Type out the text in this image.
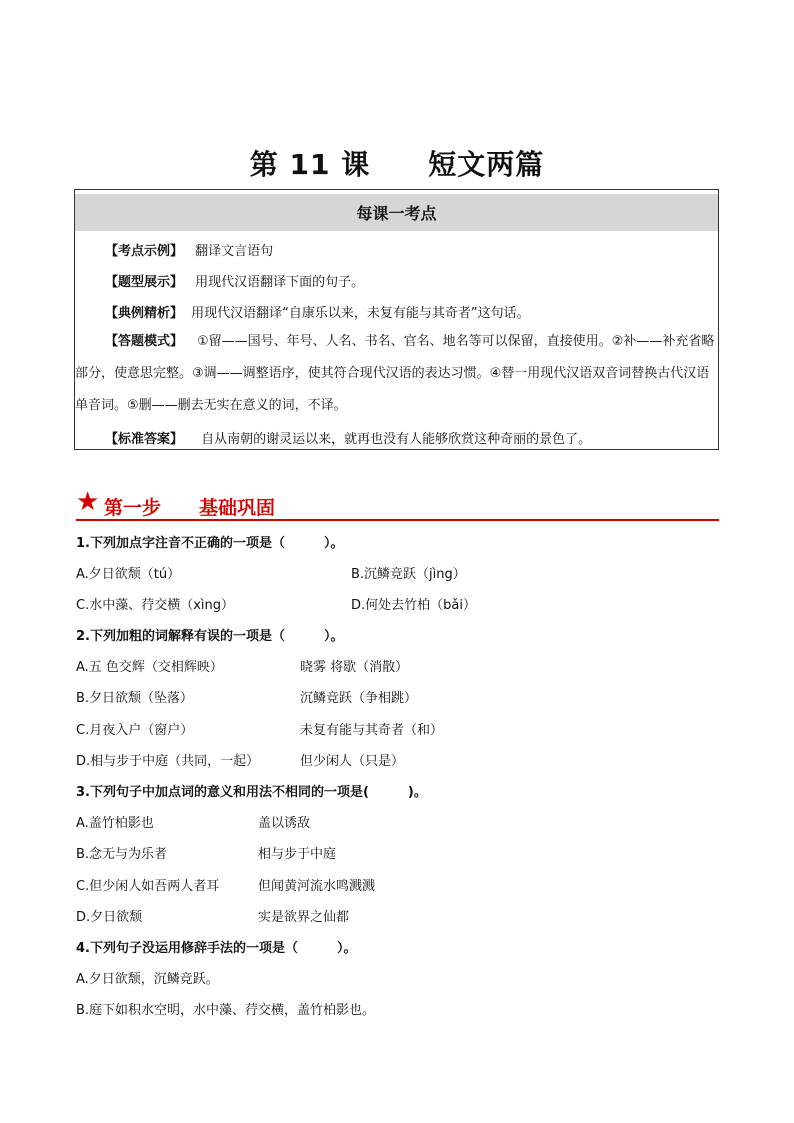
第 11 课　　短文两篇
每课一考点
【考点示例】 翻译文言语句
【题型展示】 用现代汉语翻译下面的句子。
【典例精析】 用现代汉语翻译“自康乐以来，未复有能与其奇者”这句话。
【答题模式】 ①留——国号、年号、人名、书名、官名、地名等可以保留，直接使用。②补——补充省略部分，使意思完整。③调——调整语序，使其符合现代汉语的表达习惯。④替一用现代汉语双音词替换古代汉语单音词。⑤删——删去无实在意义的词，不译。
【标准答案】 自从南朝的谢灵运以来，就再也没有人能够欣赏这种奇丽的景色了。
★ 第一步　　基础巩固
1.下列加点字注音不正确的一项是（　　　）。
A.夕日欲颓（tú）	B.沉鳞竞跃（jìng）
C.水中藻、荇交横（xìng）	D.何处去竹柏（bǎi）
2.下列加粗的词解释有误的一项是（　　　）。
A.五 色交辉（交相辉映）	晓雾 将歇（消散）
B.夕日欲颓（坠落）	沉鳞竞跃（争相跳）
C.月夜入户（窗户）	未复有能与其奇者（和）
D.相与步于中庭（共同，一起）	但少闲人（只是）
3.下列句子中加点词的意义和用法不相同的一项是(　　　)。
A.盖竹柏影也	盖以诱敌
B.念无与为乐者	相与步于中庭
C.但少闲人如吾两人者耳	但闻黄河流水鸣溅溅
D.夕日欲颓	实是欲界之仙都
4.下列句子没运用修辞手法的一项是（　　　）。
A.夕日欲颓，沉鳞竞跃。
B.庭下如积水空明，水中藻、荇交横，盖竹柏影也。
